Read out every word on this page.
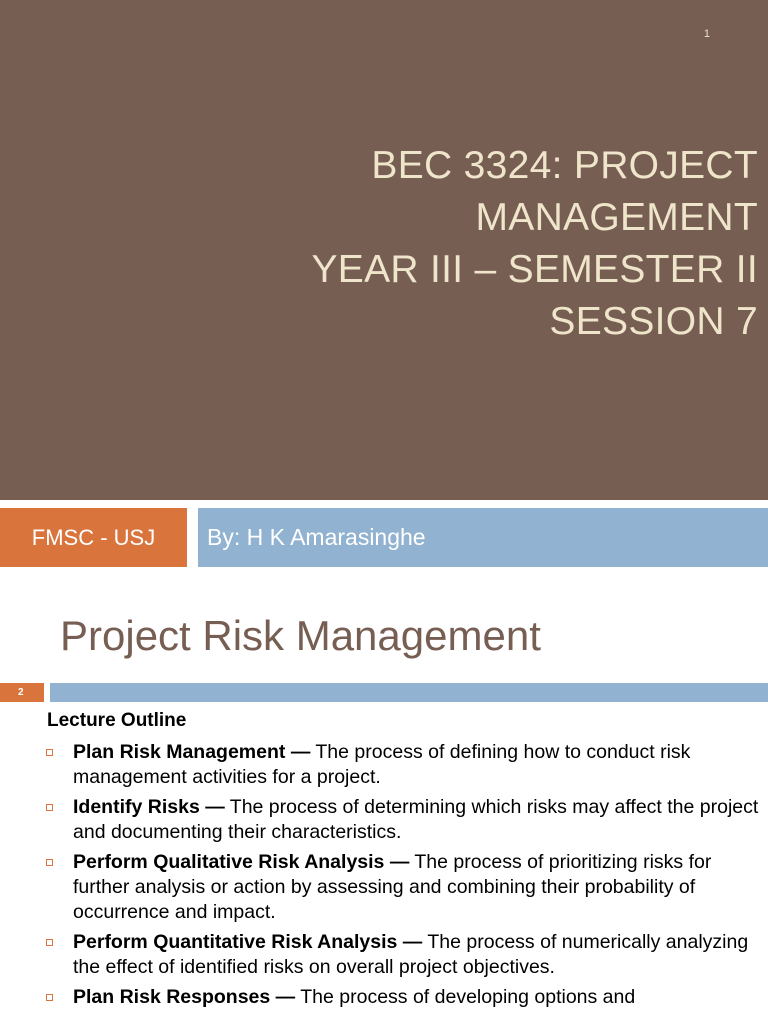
1
BEC 3324: PROJECT
MANAGEMENT
YEAR III – SEMESTER II
SESSION 7
FMSC - USJ	By: H K Amarasinghe
Project Risk Management
2
Lecture Outline
Plan Risk Management — The process of defining how to conduct risk management activities for a project.
Identify Risks — The process of determining which risks may affect the project and documenting their characteristics.
Perform Qualitative Risk Analysis — The process of prioritizing risks for further analysis or action by assessing and combining their probability of occurrence and impact.
Perform Quantitative Risk Analysis — The process of numerically analyzing the effect of identified risks on overall project objectives.
Plan Risk Responses — The process of developing options and
